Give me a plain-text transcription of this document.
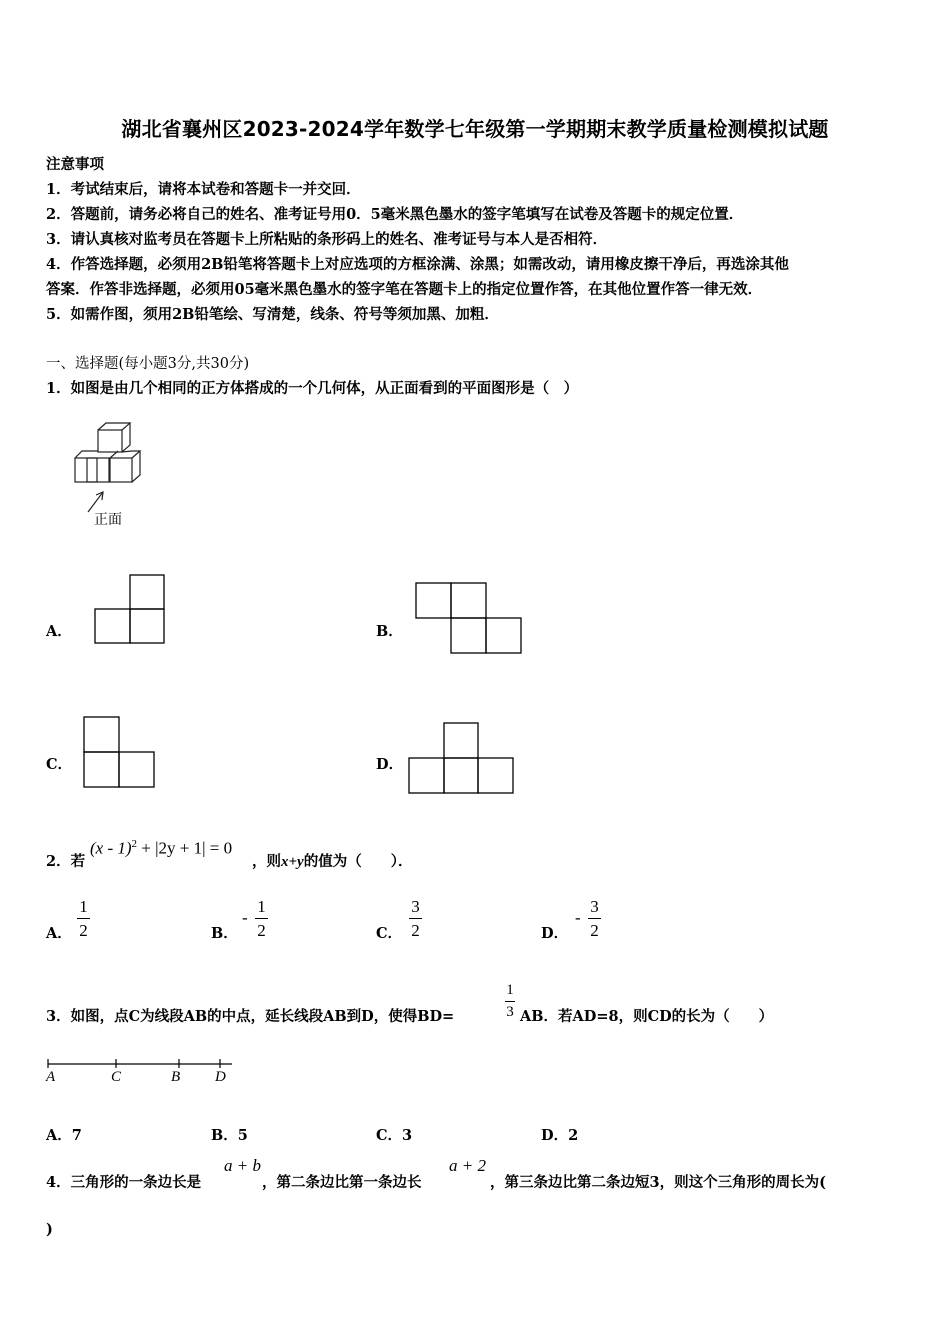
湖北省襄州区2023-2024学年数学七年级第一学期期末教学质量检测模拟试题
注意事项
1．考试结束后，请将本试卷和答题卡一并交回．
2．答题前，请务必将自己的姓名、准考证号用0．5毫米黑色墨水的签字笔填写在试卷及答题卡的规定位置．
3．请认真核对监考员在答题卡上所粘贴的条形码上的姓名、准考证号与本人是否相符．
4．作答选择题，必须用2B铅笔将答题卡上对应选项的方框涂满、涂黑；如需改动，请用橡皮擦干净后，再选涂其他
答案．作答非选择题，必须用05毫米黑色墨水的签字笔在答题卡上的指定位置作答，在其他位置作答一律无效．
5．如需作图，须用2B铅笔绘、写清楚，线条、符号等须加黑、加粗．
一、选择题(每小题3分,共30分)
1．如图是由几个相同的正方体搭成的一个几何体，从正面看到的平面图形是（　）
正面
A．	B．
C．	D．
2．若
(x - 1)$^2$ + |2y + 1| = 0
，则x+y的值为（　　）．
A．
1
2	B．
-
1
2	C．
3
2	D．
-
3
2
3．如图，点C为线段AB的中点，延长线段AB到D，使得BD=
1
3 AB．若AD=8，则CD的长为（　　）
A	C	B D
A．7	B．5	C．3	D．2
4．三角形的一条边长是
a + b
，第二条边比第一条边长
a + 2
，第三条边比第二条边短3，则这个三角形的周长为(
)
